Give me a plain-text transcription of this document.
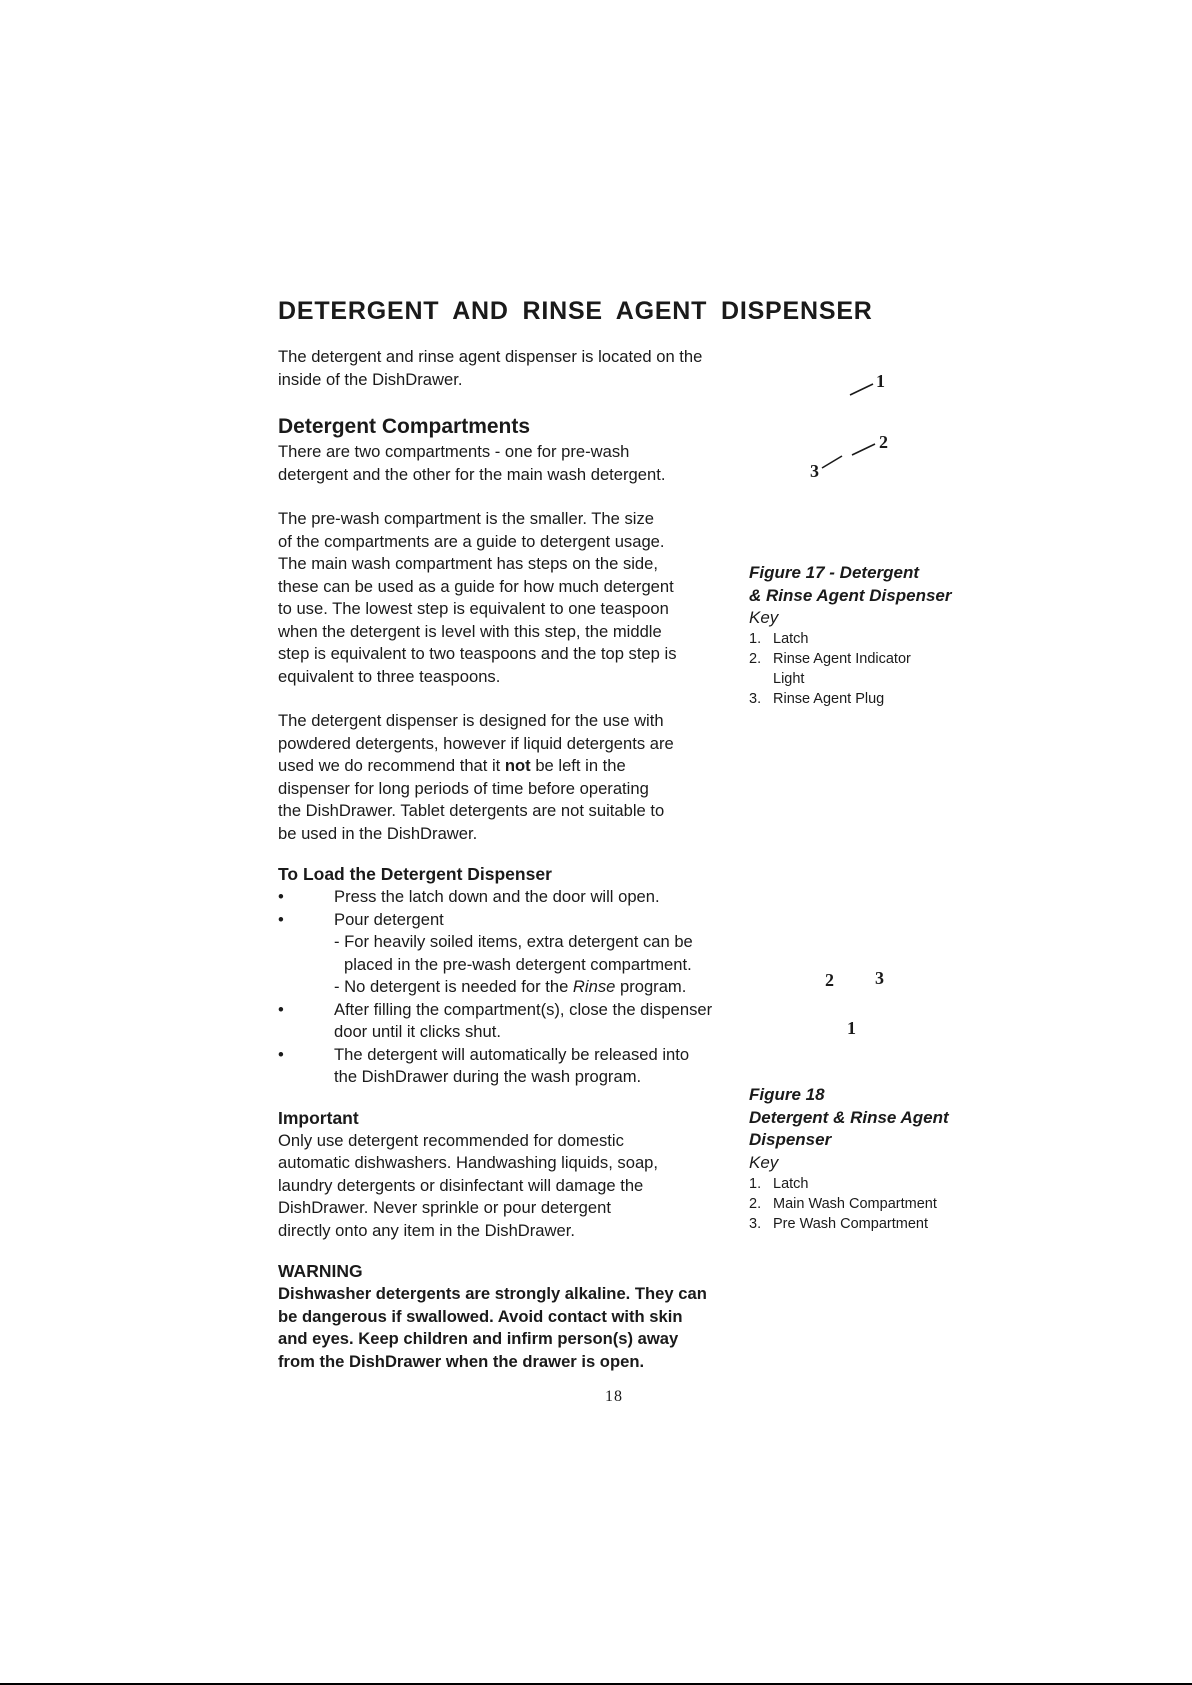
DETERGENT AND RINSE AGENT DISPENSER

The detergent and rinse agent dispenser is located on the
inside of the DishDrawer.

Detergent Compartments

There are two compartments - one for pre-wash
detergent and the other for the main wash detergent.

The pre-wash compartment is the smaller. The size
of the compartments are a guide to detergent usage.
The main wash compartment has steps on the side,
these can be used as a guide for how much detergent
to use. The lowest step is equivalent to one teaspoon
when the detergent is level with this step, the middle
step is equivalent to two teaspoons and the top step is
equivalent to three teaspoons.

The detergent dispenser is designed for the use with
powdered detergents, however if liquid detergents are
used we do recommend that it not be left in the
dispenser for long periods of time before operating
the DishDrawer. Tablet detergents are not suitable to
be used in the DishDrawer.

To Load the Detergent Dispenser
• Press the latch down and the door will open.
• Pour detergent

- For heavily soiled items, extra detergent can be

placed in the pre-wash detergent compartment.

- No detergent is needed for the Rinse program.

• After filling the compartment(s), close the dispenser
door until it clicks shut.
• The detergent will automatically be released into
the DishDrawer during the wash program.
Important

Only use detergent recommended for domestic
automatic dishwashers. Handwashing liquids, soap,
laundry detergents or disinfectant will damage the
DishDrawer. Never sprinkle or pour detergent
directly onto any item in the DishDrawer.

WARNING

Dishwasher detergents are strongly alkaline. They can
be dangerous if swallowed. Avoid contact with skin
and eyes. Keep children and infirm person(s) away
from the DishDrawer when the drawer is open.

18
1
2
3

Figure 17 - Detergent
& Rinse Agent Dispenser

Key

1. Latch
2. Rinse Agent Indicator
Light
3. Rinse Agent Plug
2 3
1

Figure 18
Detergent & Rinse Agent
Dispenser

Key

1. Latch
2. Main Wash Compartment
3. Pre Wash Compartment
